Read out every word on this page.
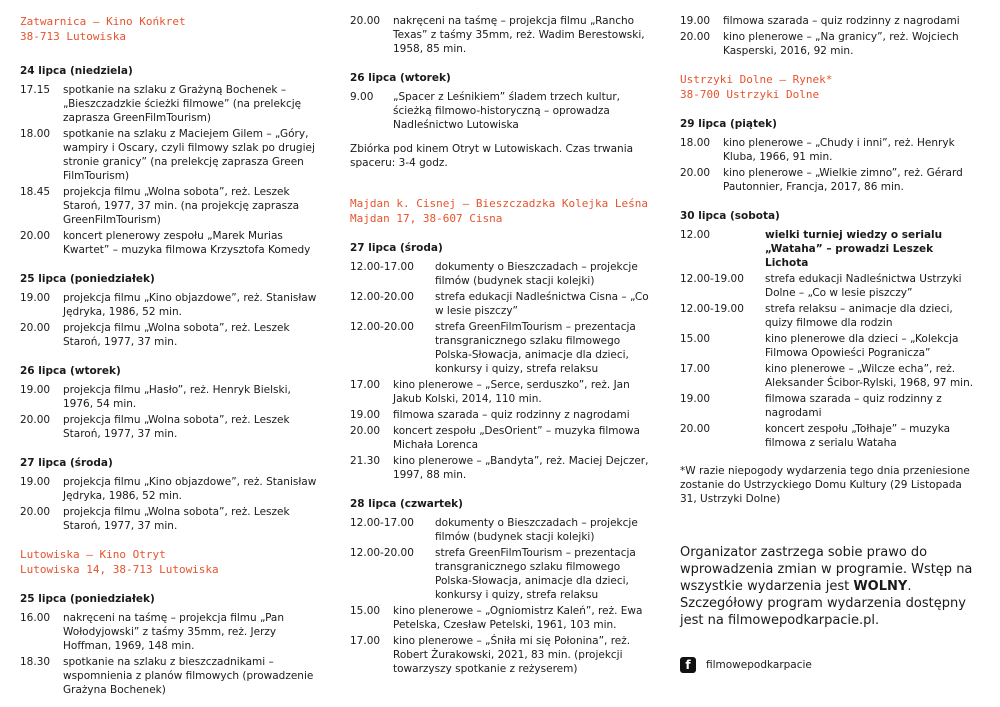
Zatwarnica – Kino Końkret
38-713 Lutowiska
24 lipca (niedziela)
17.15	spotkanie na szlaku z Grażyną Bochenek – „Bieszczadzkie ścieżki filmowe” (na prelekcję zaprasza GreenFilmTourism)
18.00	spotkanie na szlaku z Maciejem Gilem – „Góry, wampiry i Oscary, czyli filmowy szlak po drugiej stronie granicy” (na prelekcję zaprasza Green FilmTourism)
18.45	projekcja filmu „Wolna sobota”, reż. Leszek Staroń, 1977, 37 min. (na projekcję zaprasza GreenFilmTourism)
20.00	koncert plenerowy zespołu „Marek Murias Kwartet” – muzyka filmowa Krzysztofa Komedy
25 lipca (poniedziałek)
19.00	projekcja filmu „Kino objazdowe”, reż. Stanisław Jędryka, 1986, 52 min.
20.00	projekcja filmu „Wolna sobota”, reż. Leszek Staroń, 1977, 37 min.
26 lipca (wtorek)
19.00	projekcja filmu „Hasło”, reż. Henryk Bielski, 1976, 54 min.
20.00	projekcja filmu „Wolna sobota”, reż. Leszek Staroń, 1977, 37 min.
27 lipca (środa)
19.00	projekcja filmu „Kino objazdowe”, reż. Stanisław Jędryka, 1986, 52 min.
20.00	projekcja filmu „Wolna sobota”, reż. Leszek Staroń, 1977, 37 min.
Lutowiska – Kino Otryt
Lutowiska 14, 38-713 Lutowiska
25 lipca (poniedziałek)
16.00	nakręceni na taśmę – projekcja filmu „Pan Wołodyjowski” z taśmy 35mm, reż. Jerzy Hoffman, 1969, 148 min.
18.30	spotkanie na szlaku z bieszczadnikami – wspomnienia z planów filmowych (prowadzenie Grażyna Bochenek)
20.00	nakręceni na taśmę – projekcja filmu „Rancho Texas” z taśmy 35mm, reż. Wadim Berestowski, 1958, 85 min.
26 lipca (wtorek)
9.00	„Spacer z Leśnikiem” śladem trzech kultur, ścieżką filmowo-historyczną – oprowadza Nadleśnictwo Lutowiska
Zbiórka pod kinem Otryt w Lutowiskach. Czas trwania spaceru: 3-4 godz.
Majdan k. Cisnej – Bieszczadzka Kolejka Leśna
Majdan 17, 38-607 Cisna
27 lipca (środa)
12.00-17.00	dokumenty o Bieszczadach – projekcje filmów (budynek stacji kolejki)
12.00-20.00	strefa edukacji Nadleśnictwa Cisna – „Co w lesie piszczy”
12.00-20.00	strefa GreenFilmTourism – prezentacja transgranicznego szlaku filmowego Polska-Słowacja, animacje dla dzieci, konkursy i quizy, strefa relaksu
17.00	kino plenerowe – „Serce, serduszko”, reż. Jan Jakub Kolski, 2014, 110 min.
19.00	filmowa szarada – quiz rodzinny z nagrodami
20.00	koncert zespołu „DesOrient” – muzyka filmowa Michała Lorenca
21.30	kino plenerowe – „Bandyta”, reż. Maciej Dejczer, 1997, 88 min.
28 lipca (czwartek)
12.00-17.00	dokumenty o Bieszczadach – projekcje filmów (budynek stacji kolejki)
12.00-20.00	strefa GreenFilmTourism – prezentacja transgranicznego szlaku filmowego Polska-Słowacja, animacje dla dzieci, konkursy i quizy, strefa relaksu
15.00	kino plenerowe – „Ogniomistrz Kaleń”, reż. Ewa Petelska, Czesław Petelski, 1961, 103 min.
17.00	kino plenerowe – „Śniła mi się Połonina”, reż. Robert Żurakowski, 2021, 83 min. (projekcji towarzyszy spotkanie z reżyserem)
19.00	filmowa szarada – quiz rodzinny z nagrodami
20.00	kino plenerowe – „Na granicy”, reż. Wojciech Kasperski, 2016, 92 min.
Ustrzyki Dolne – Rynek*
38-700 Ustrzyki Dolne
29 lipca (piątek)
18.00	kino plenerowe – „Chudy i inni”, reż. Henryk Kluba, 1966, 91 min.
20.00	kino plenerowe – „Wielkie zimno”, reż. Gérard Pautonnier, Francja, 2017, 86 min.
30 lipca (sobota)
12.00	wielki turniej wiedzy o serialu „Wataha” – prowadzi Leszek Lichota
12.00-19.00	strefa edukacji Nadleśnictwa Ustrzyki Dolne – „Co w lesie piszczy”
12.00-19.00	strefa relaksu – animacje dla dzieci, quizy filmowe dla rodzin
15.00	kino plenerowe dla dzieci – „Kolekcja Filmowa Opowieści Pogranicza”
17.00	kino plenerowe – „Wilcze echa”, reż. Aleksander Ścibor-Rylski, 1968, 97 min.
19.00	filmowa szarada – quiz rodzinny z nagrodami
20.00	koncert zespołu „Tołhaje” – muzyka filmowa z serialu Wataha
*W razie niepogody wydarzenia tego dnia przeniesione zostanie do Ustrzyckiego Domu Kultury (29 Listopada 31, Ustrzyki Dolne)
Organizator zastrzega sobie prawo do wprowadzenia zmian w programie. Wstęp na wszystkie wydarzenia jest WOLNY. Szczegółowy program wydarzenia dostępny jest na filmowepodkarpacie.pl.
f	filmowepodkarpacie
